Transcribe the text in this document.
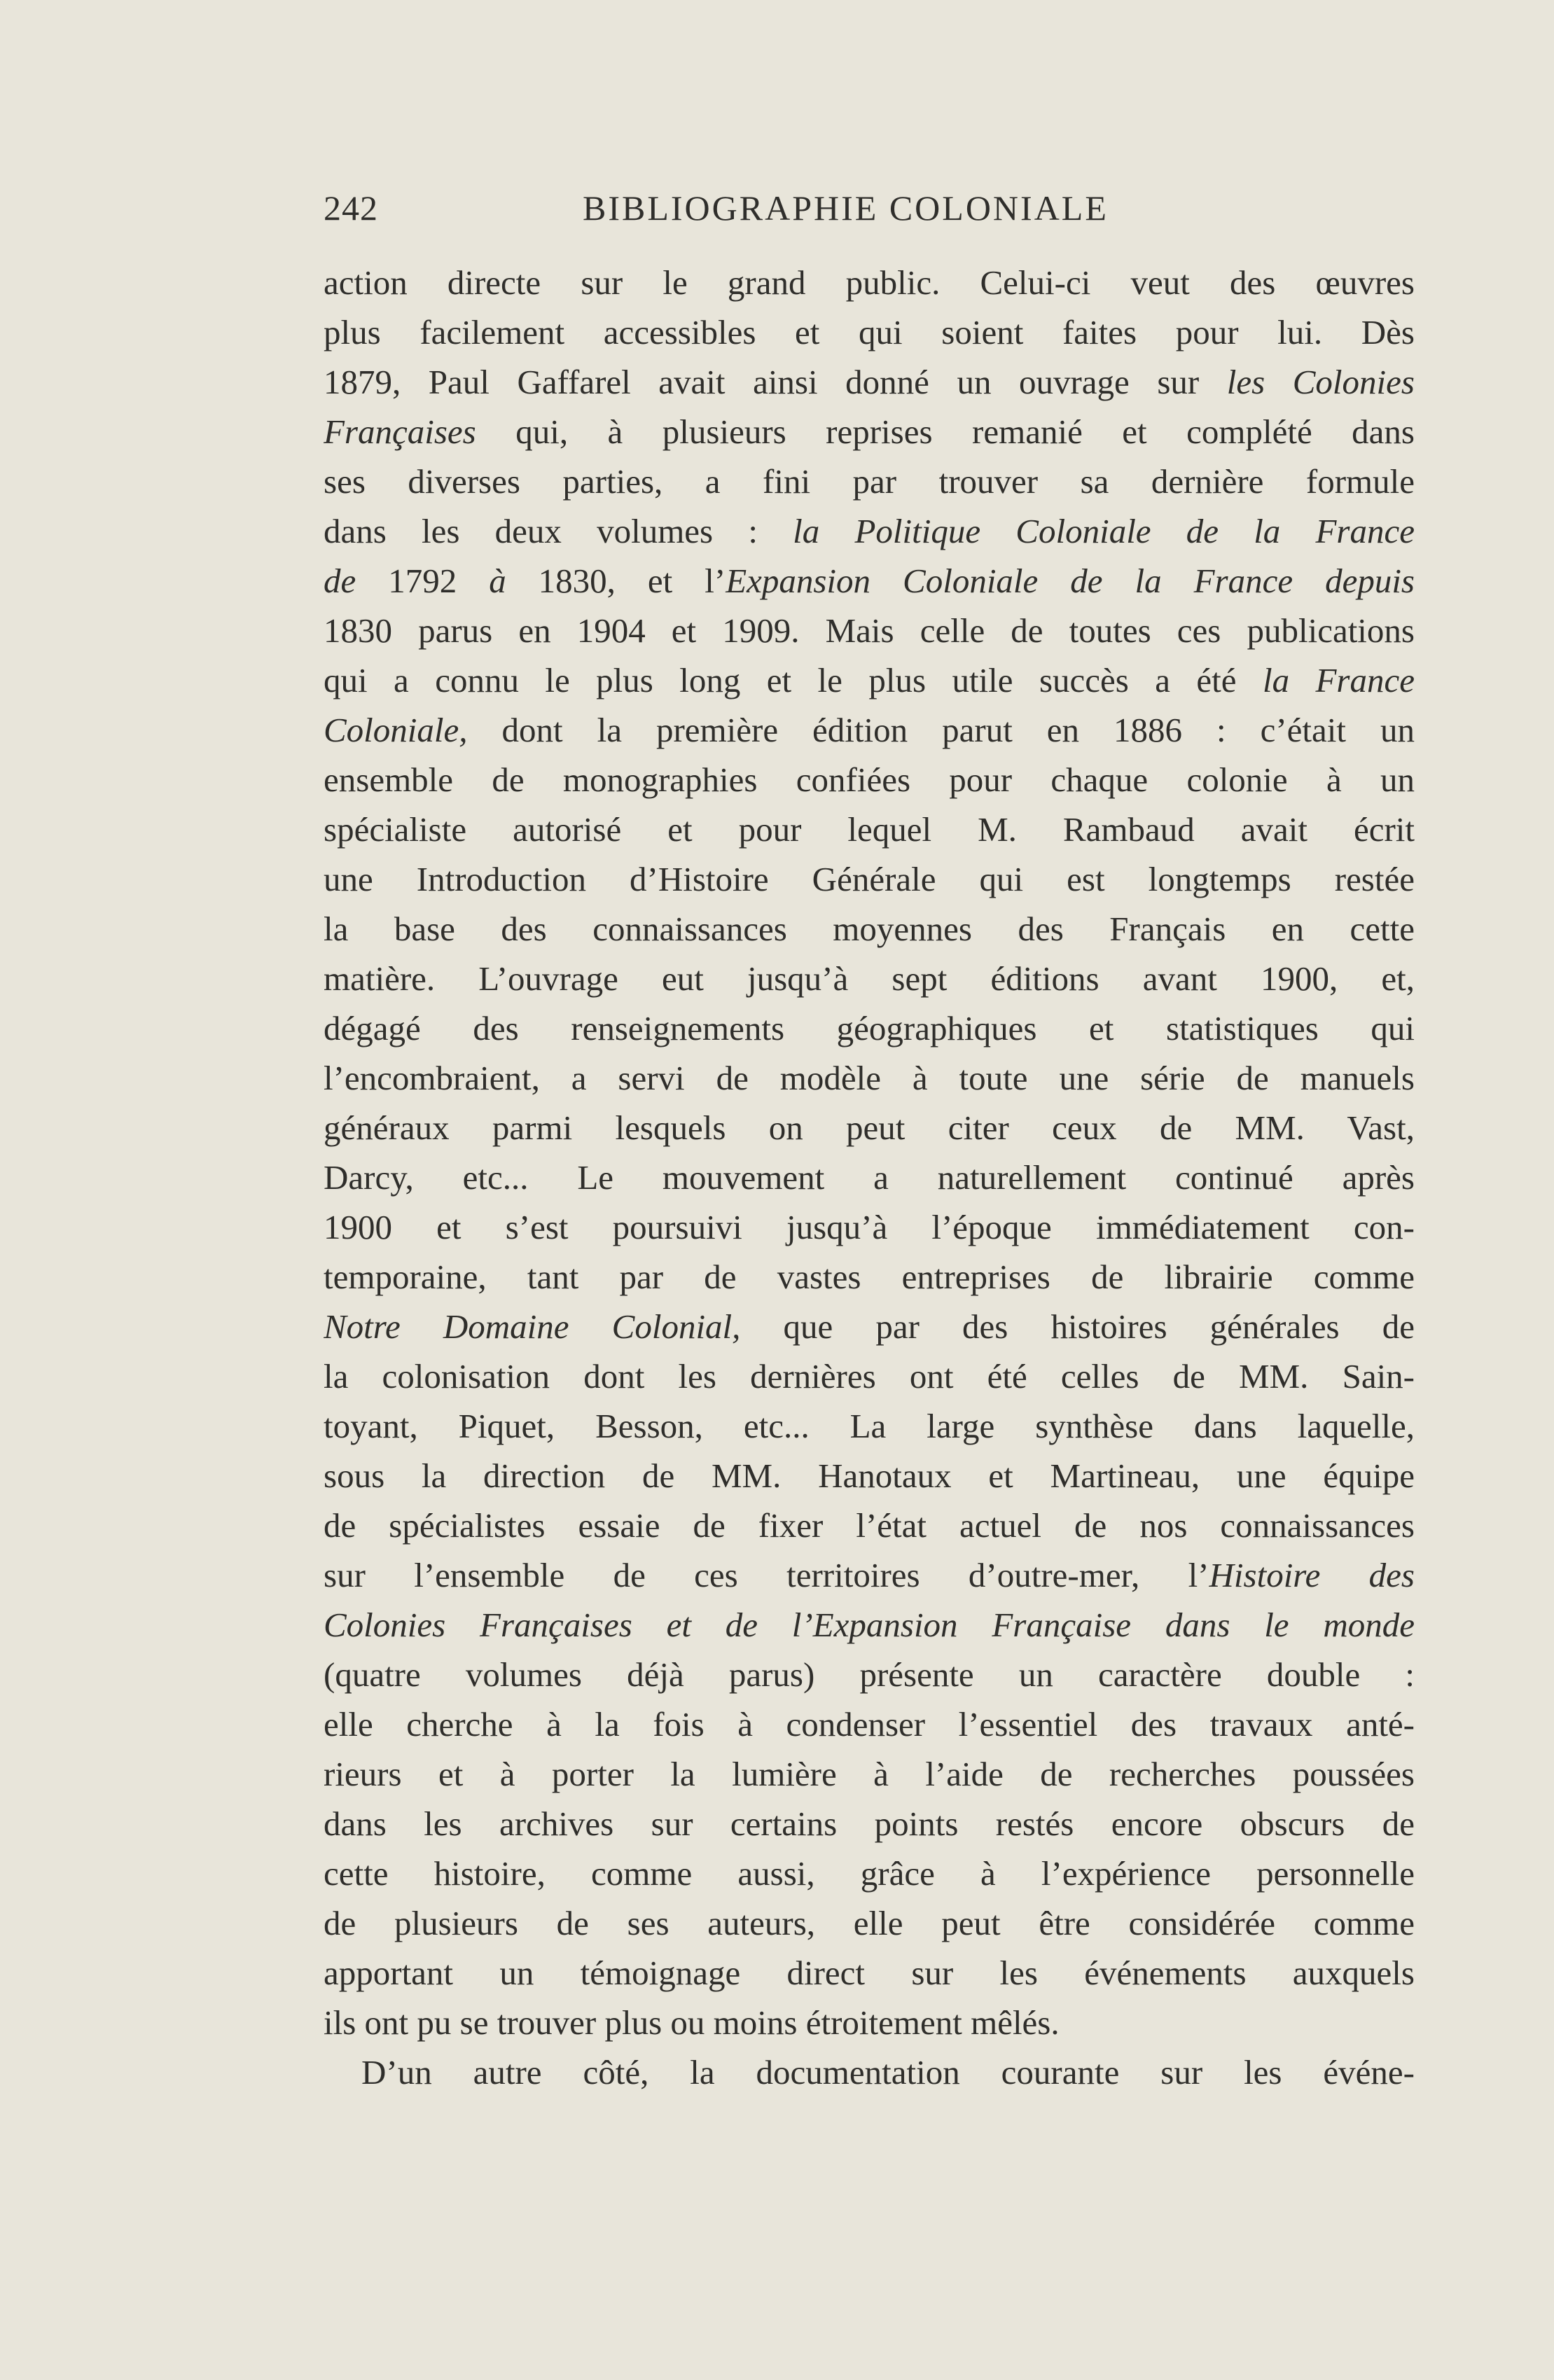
242	BIBLIOGRAPHIE COLONIALE
action directe sur le grand public. Celui-ci veut des œuvres
plus facilement accessibles et qui soient faites pour lui. Dès
1879, Paul Gaffarel avait ainsi donné un ouvrage sur les Colonies
Françaises qui, à plusieurs reprises remanié et complété dans
ses diverses parties, a fini par trouver sa dernière formule
dans les deux volumes : la Politique Coloniale de la France
de 1792 à 1830, et l’Expansion Coloniale de la France depuis
1830 parus en 1904 et 1909. Mais celle de toutes ces publications
qui a connu le plus long et le plus utile succès a été la France
Coloniale, dont la première édition parut en 1886 : c’était un
ensemble de monographies confiées pour chaque colonie à un
spécialiste autorisé et pour lequel M. Rambaud avait écrit
une Introduction d’Histoire Générale qui est longtemps restée
la base des connaissances moyennes des Français en cette
matière. L’ouvrage eut jusqu’à sept éditions avant 1900, et,
dégagé des renseignements géographiques et statistiques qui
l’encombraient, a servi de modèle à toute une série de manuels
généraux parmi lesquels on peut citer ceux de MM. Vast,
Darcy, etc... Le mouvement a naturellement continué après
1900 et s’est poursuivi jusqu’à l’époque immédiatement con-
temporaine, tant par de vastes entreprises de librairie comme
Notre Domaine Colonial, que par des histoires générales de
la colonisation dont les dernières ont été celles de MM. Sain-
toyant, Piquet, Besson, etc... La large synthèse dans laquelle,
sous la direction de MM. Hanotaux et Martineau, une équipe
de spécialistes essaie de fixer l’état actuel de nos connaissances
sur l’ensemble de ces territoires d’outre-mer, l’Histoire des
Colonies Françaises et de l’Expansion Française dans le monde
(quatre volumes déjà parus) présente un caractère double :
elle cherche à la fois à condenser l’essentiel des travaux anté-
rieurs et à porter la lumière à l’aide de recherches poussées
dans les archives sur certains points restés encore obscurs de
cette histoire, comme aussi, grâce à l’expérience personnelle
de plusieurs de ses auteurs, elle peut être considérée comme
apportant un témoignage direct sur les événements auxquels
ils ont pu se trouver plus ou moins étroitement mêlés.
D’un autre côté, la documentation courante sur les événe-
